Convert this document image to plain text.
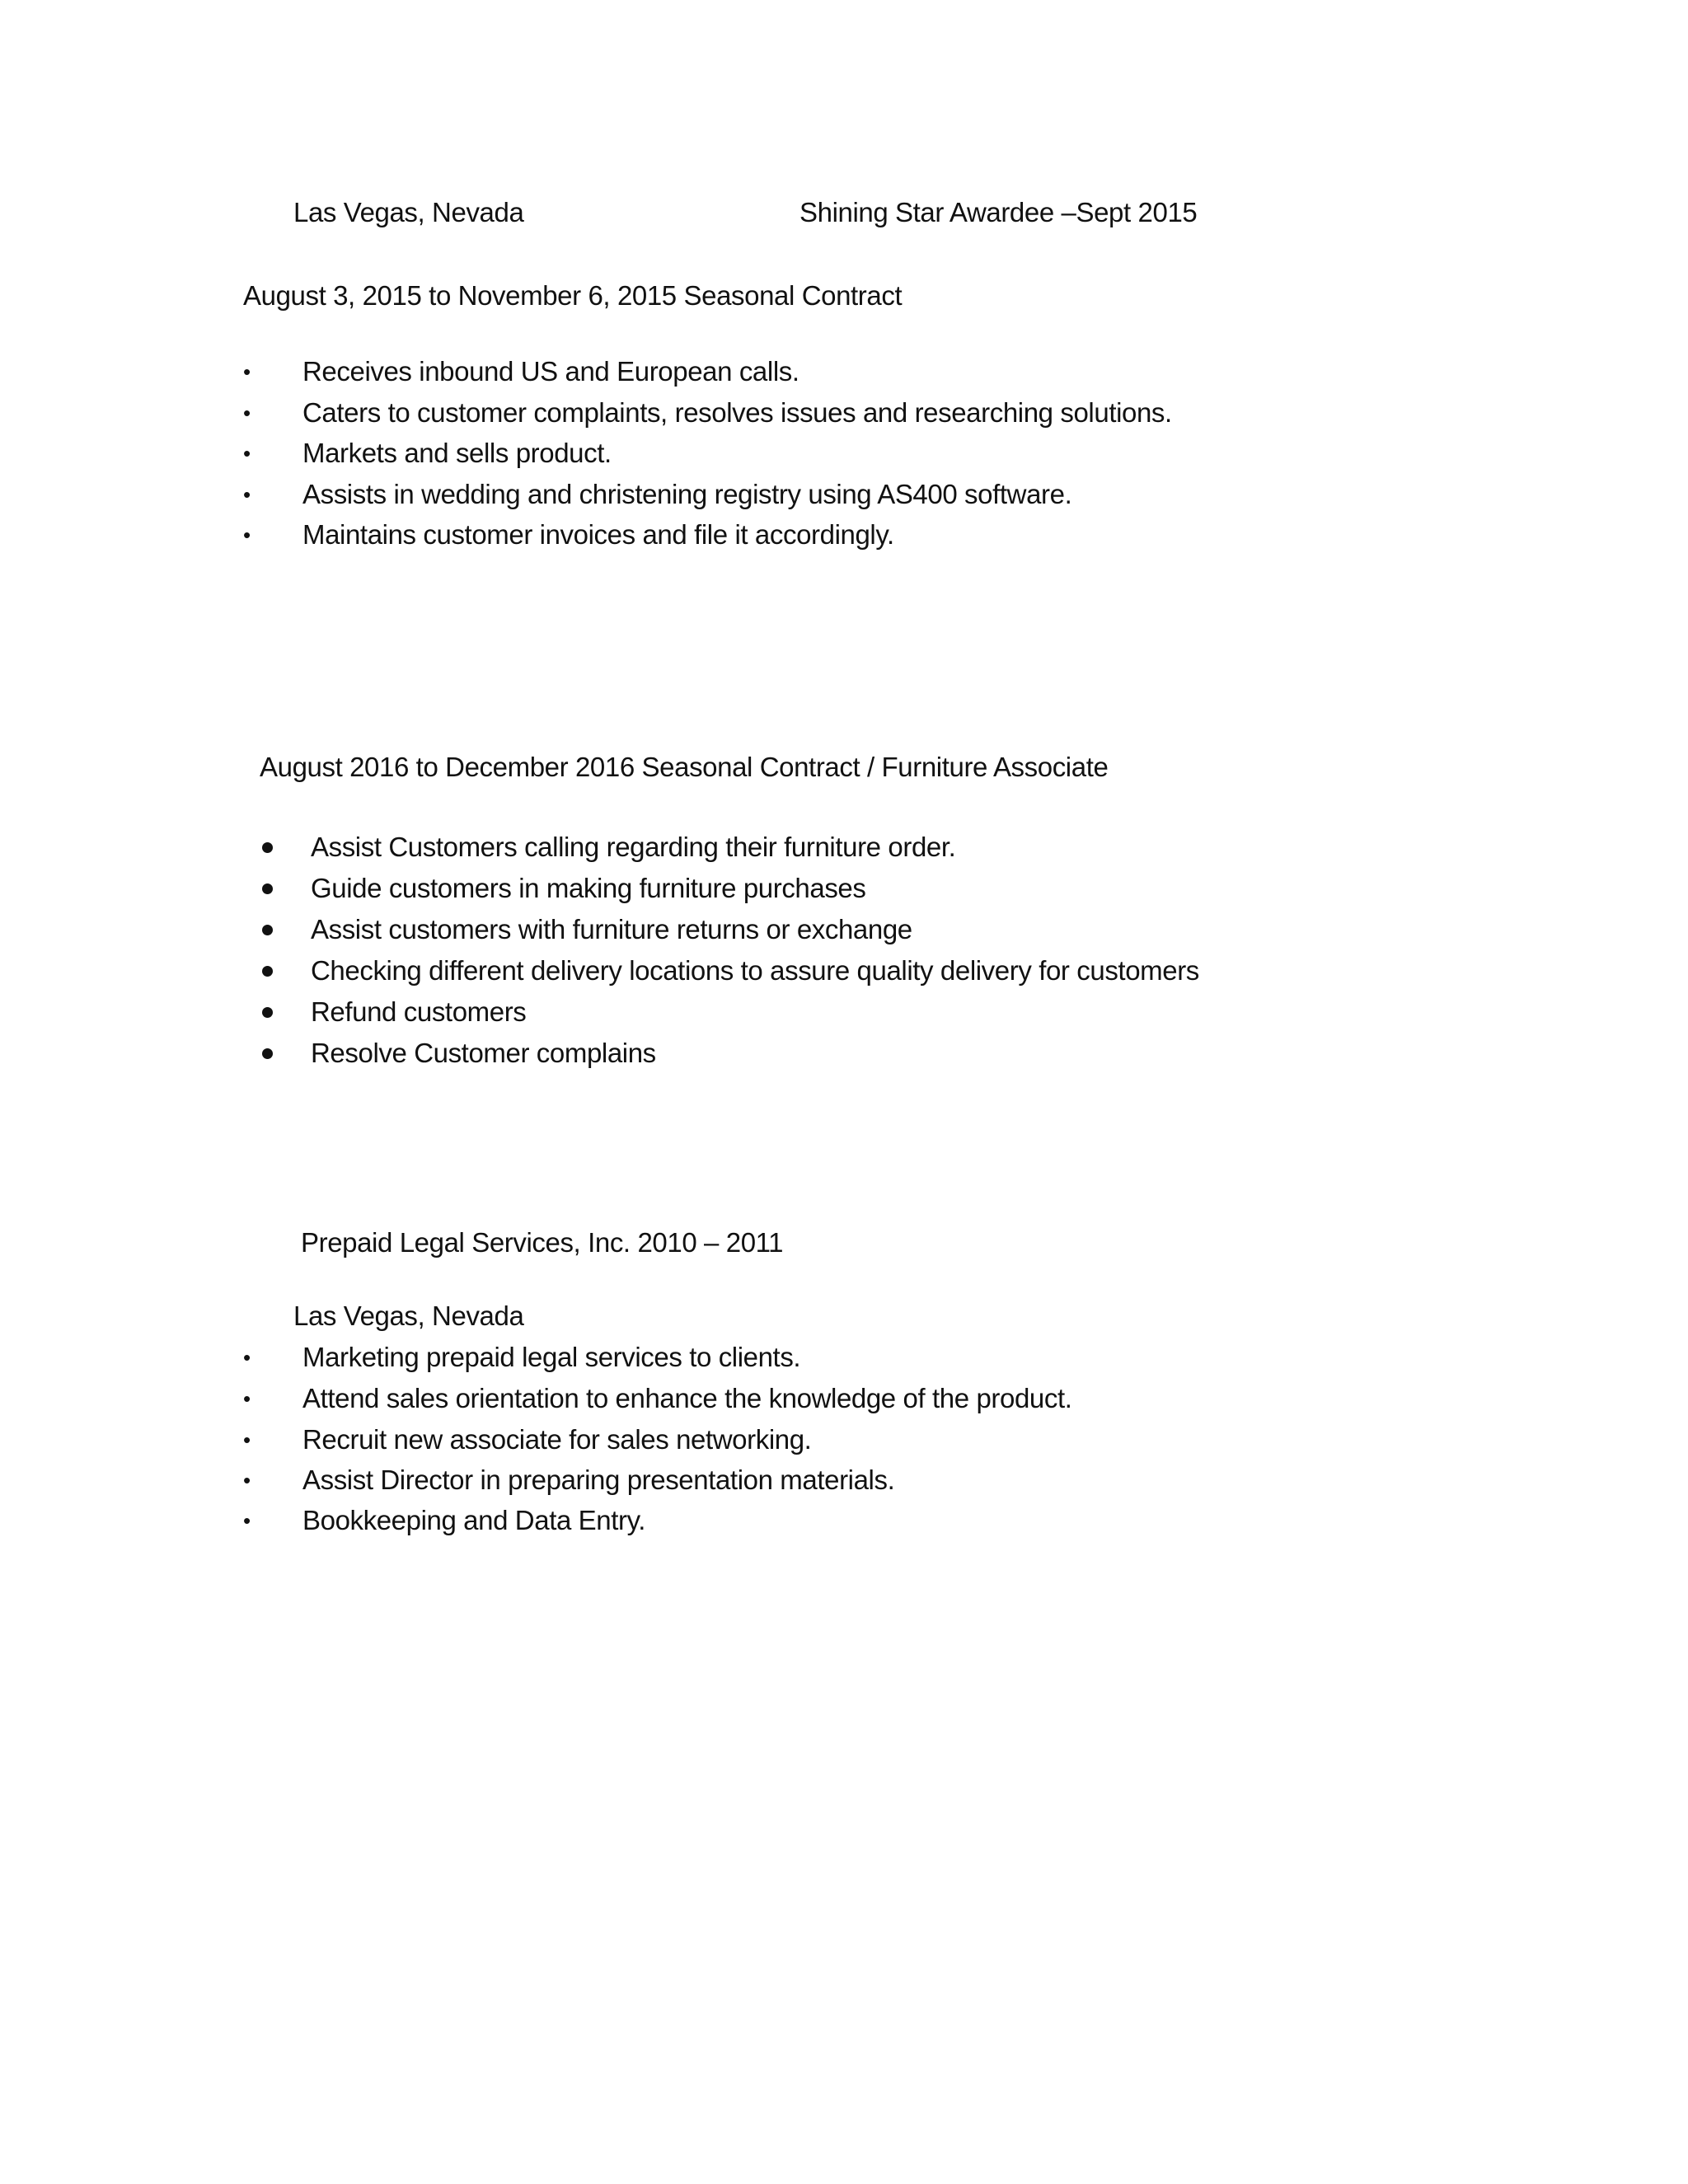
Las Vegas, Nevada	Shining Star Awardee –Sept 2015
August 3, 2015 to November 6, 2015 Seasonal Contract
• Receives inbound US and European calls.
• Caters to customer complaints, resolves issues and researching solutions.
• Markets and sells product.
• Assists in wedding and christening registry using AS400 software.
• Maintains customer invoices and file it accordingly.
August 2016 to December 2016 Seasonal Contract / Furniture Associate
Assist Customers calling regarding their furniture order.
Guide customers in making furniture purchases
Assist customers with furniture returns or exchange
Checking different delivery locations to assure quality delivery for customers
Refund customers
Resolve Customer complains
Prepaid Legal Services, Inc. 2010 – 2011
Las Vegas, Nevada
• Marketing prepaid legal services to clients.
• Attend sales orientation to enhance the knowledge of the product.
• Recruit new associate for sales networking.
• Assist Director in preparing presentation materials.
• Bookkeeping and Data Entry.
